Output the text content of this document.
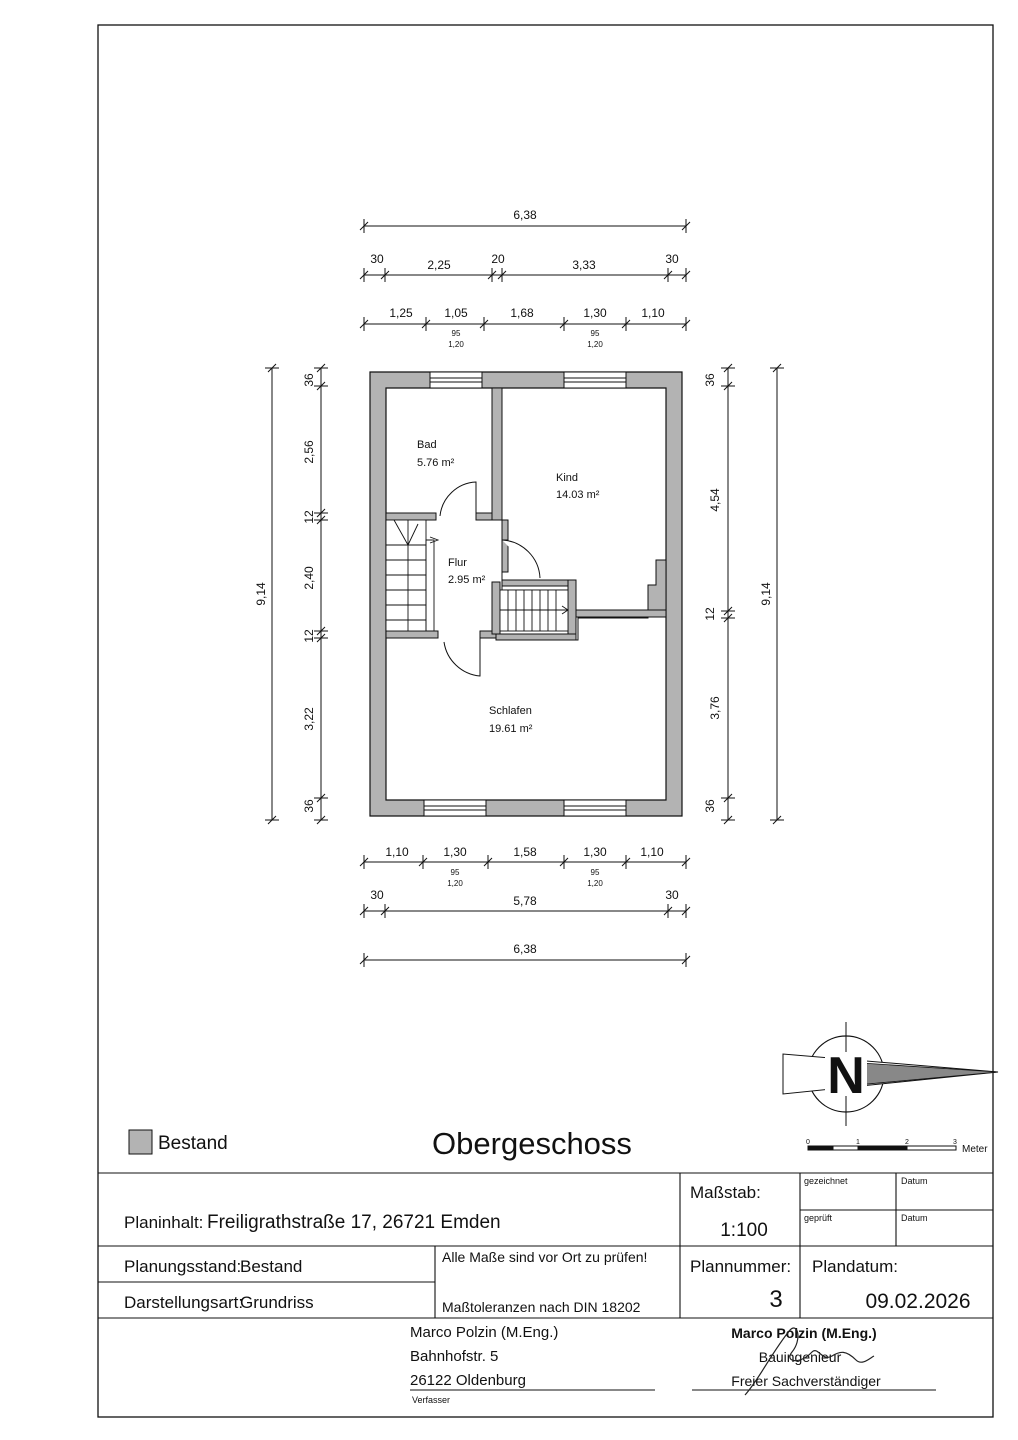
6,38
30	2,25	20	3,33	30
1,25	1,05	1,68	1,30	1,10
95
1,20
95
1,20
9,14
36
2,56
12
2,40
12
3,22
36
36
4,54
12
3,76
36
9,14
1,10	1,30	1,58	1,30	1,10
95
1,20
95
1,20
30	5,78	30
6,38
Bad
5.76 m²
Kind
14.03 m²
Flur
2.95 m²
Schlafen
19.61 m²
N
Bestand	Obergeschoss	0	1	2	3
Meter
Planinhalt: Freiligrathstraße 17, 26721 Emden
Maßstab:
1:100
gezeichnet	Datum
geprüft	Datum
Planungsstand:
Bestand
Darstellungsart:
Grundriss
Alle Maße sind vor Ort zu prüfen!
Maßtoleranzen nach DIN 18202
Plannummer:
3
Plandatum:
09.02.2026
Marco Polzin (M.Eng.)
Bahnhofstr. 5
26122 Oldenburg
Verfasser
Marco Polzin (M.Eng.)
Bauingenieur
Freier Sachverständiger
